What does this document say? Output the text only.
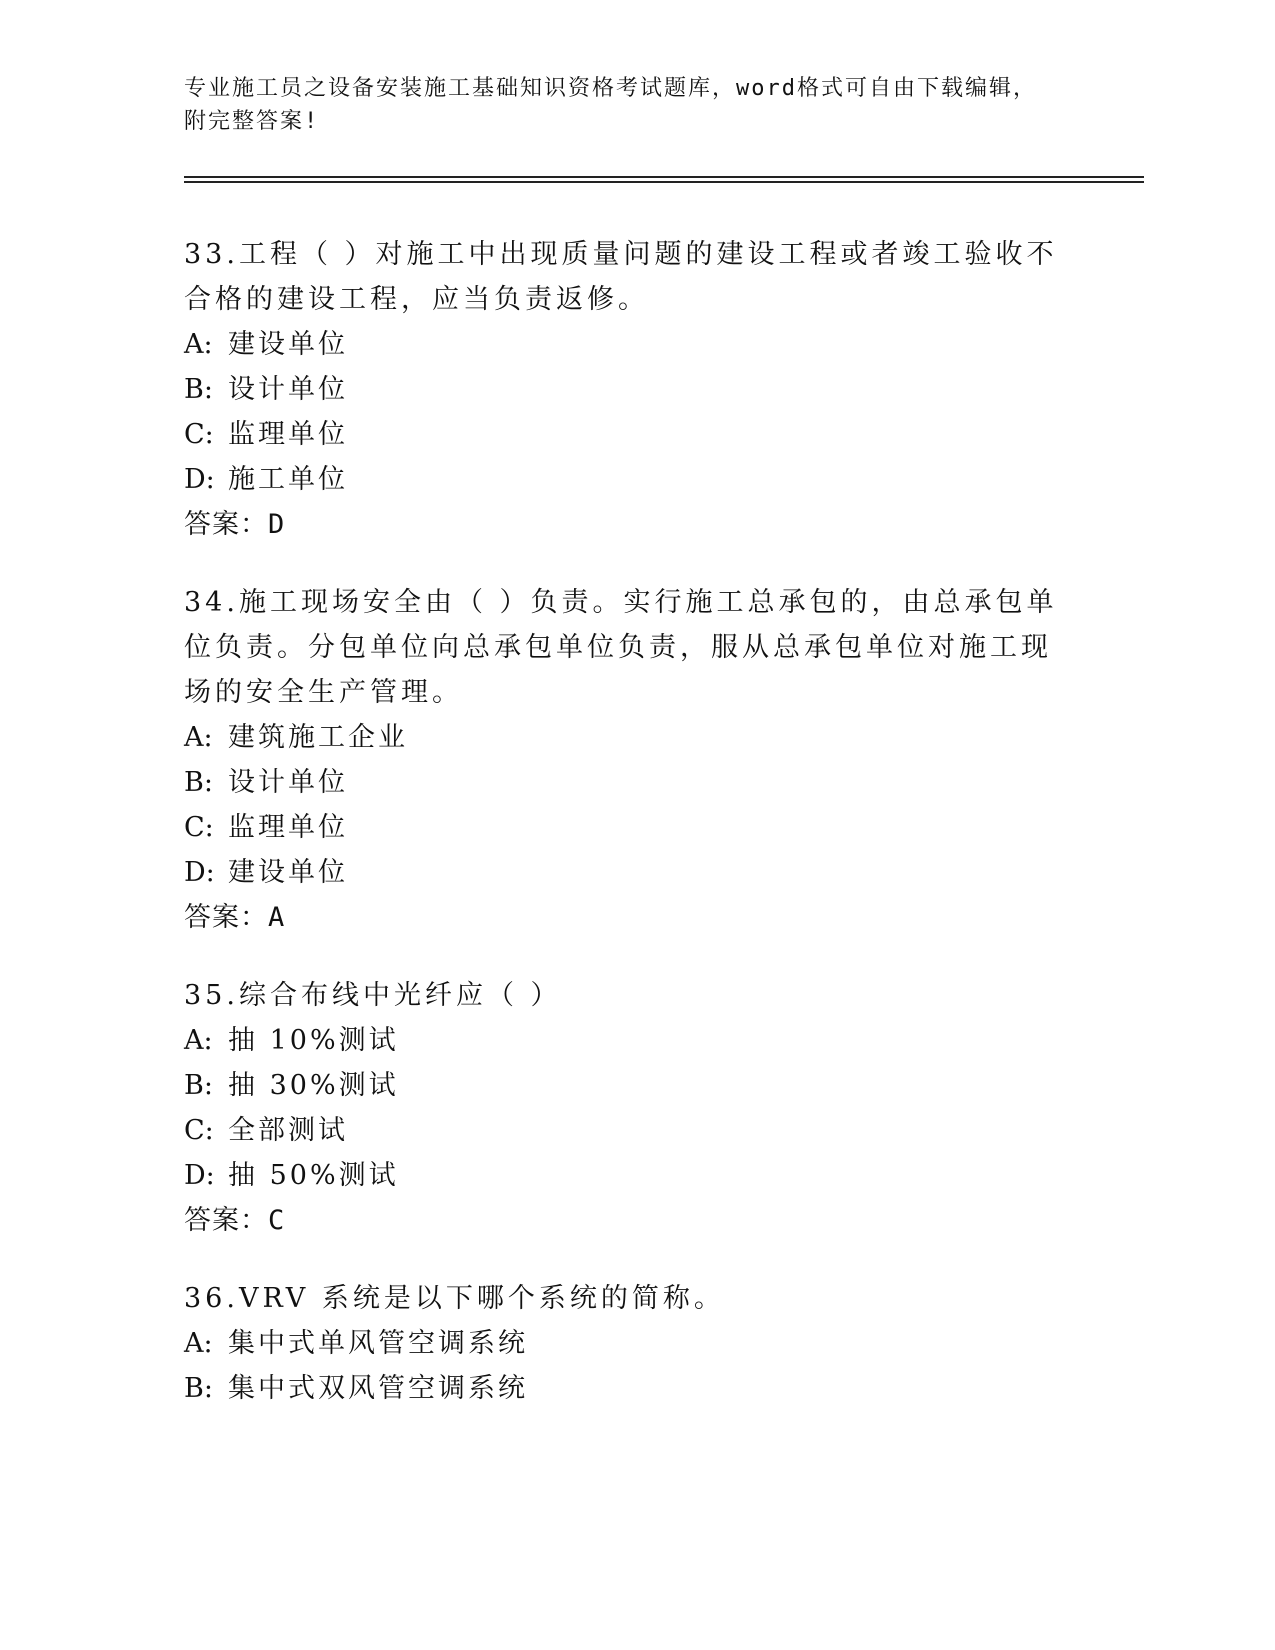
专业施工员之设备安装施工基础知识资格考试题库，word格式可自由下载编辑，

附完整答案!

33.工程（ ）对施工中出现质量问题的建设工程或者竣工验收不合格的建设工程，应当负责返修。

A: 建设单位

B: 设计单位

C: 监理单位

D: 施工单位

答案：D

34.施工现场安全由（ ）负责。实行施工总承包的，由总承包单位负责。分包单位向总承包单位负责，服从总承包单位对施工现场的安全生产管理。

A: 建筑施工企业

B: 设计单位

C: 监理单位

D: 建设单位

答案：A

35.综合布线中光纤应（ ）

A: 抽 10%测试

B: 抽 30%测试

C: 全部测试

D: 抽 50%测试

答案：C

36.VRV 系统是以下哪个系统的简称。

A: 集中式单风管空调系统

B: 集中式双风管空调系统
